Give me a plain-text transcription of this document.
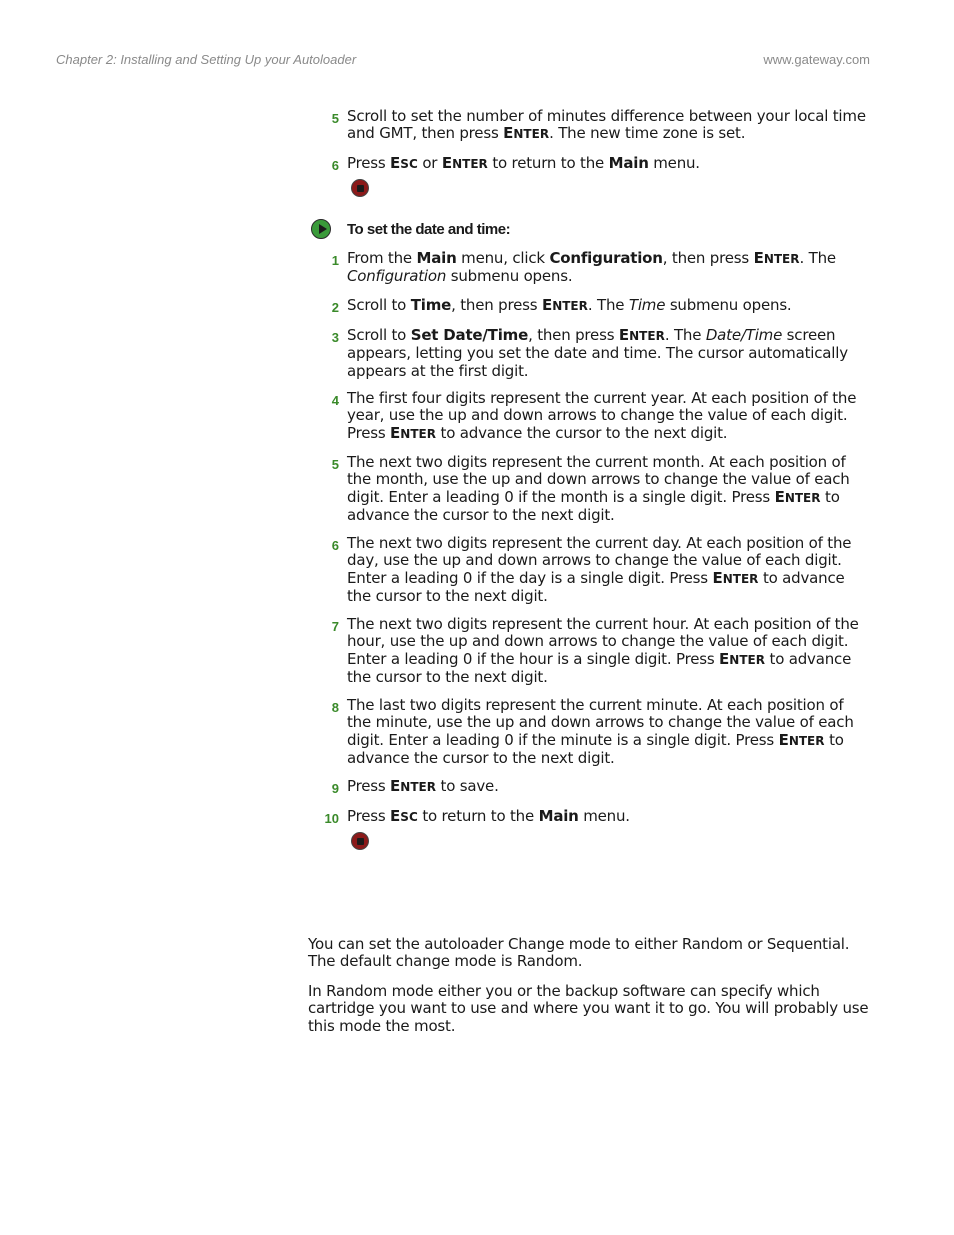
Chapter 2: Installing and Setting Up your Autoloader	www.gateway.com
5 Scroll to set the number of minutes difference between your local time and GMT, then press ENTER. The new time zone is set.
6 Press ESC or ENTER to return to the Main menu.
To set the date and time:
1 From the Main menu, click Configuration, then press ENTER. The Configuration submenu opens.
2 Scroll to Time, then press ENTER. The Time submenu opens.
3 Scroll to Set Date/Time, then press ENTER. The Date/Time screen appears, letting you set the date and time. The cursor automatically appears at the first digit.
4 The first four digits represent the current year. At each position of the year, use the up and down arrows to change the value of each digit. Press ENTER to advance the cursor to the next digit.
5 The next two digits represent the current month. At each position of the month, use the up and down arrows to change the value of each digit. Enter a leading 0 if the month is a single digit. Press ENTER to advance the cursor to the next digit.
6 The next two digits represent the current day. At each position of the day, use the up and down arrows to change the value of each digit. Enter a leading 0 if the day is a single digit. Press ENTER to advance the cursor to the next digit.
7 The next two digits represent the current hour. At each position of the hour, use the up and down arrows to change the value of each digit. Enter a leading 0 if the hour is a single digit. Press ENTER to advance the cursor to the next digit.
8 The last two digits represent the current minute. At each position of the minute, use the up and down arrows to change the value of each digit. Enter a leading 0 if the minute is a single digit. Press ENTER to advance the cursor to the next digit.
9 Press ENTER to save.
10 Press ESC to return to the Main menu.
You can set the autoloader Change mode to either Random or Sequential. The default change mode is Random.
In Random mode either you or the backup software can specify which cartridge you want to use and where you want it to go. You will probably use this mode the most.
